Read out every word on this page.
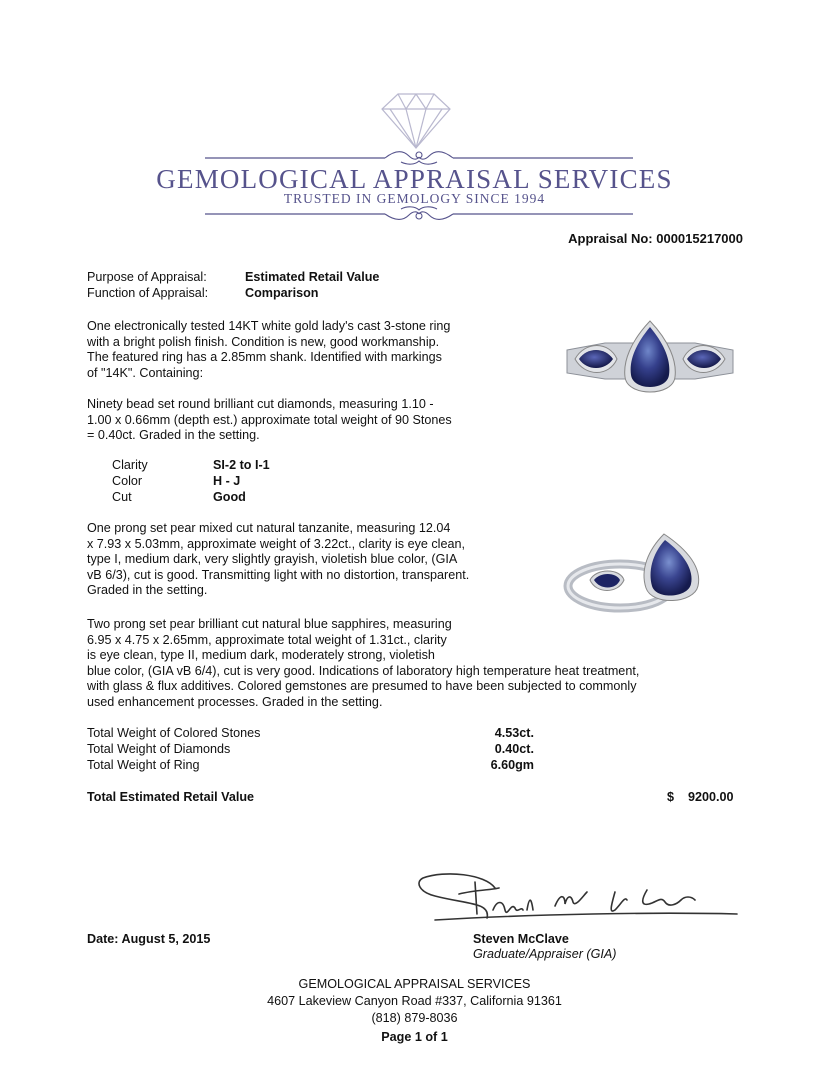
GEMOLOGICAL APPRAISAL SERVICES
TRUSTED IN GEMOLOGY SINCE 1994
Appraisal No: 000015217000
Purpose of Appraisal:	Estimated Retail Value
Function of Appraisal:	Comparison
One electronically tested 14KT white gold lady's cast 3-stone ring
with a bright polish finish. Condition is new, good workmanship.
The featured ring has a 2.85mm shank. Identified with markings
of "14K". Containing:
Ninety bead set round brilliant cut diamonds, measuring 1.10 -
1.00 x 0.66mm (depth est.) approximate total weight of 90 Stones
= 0.40ct. Graded in the setting.
Clarity	SI-2 to I-1
Color	H - J
Cut	Good
One prong set pear mixed cut natural tanzanite, measuring 12.04
x 7.93 x 5.03mm, approximate weight of 3.22ct., clarity is eye clean,
type I, medium dark, very slightly grayish, violetish blue color, (GIA
vB 6/3), cut is good. Transmitting light with no distortion, transparent.
Graded in the setting.
Two prong set pear brilliant cut natural blue sapphires, measuring
6.95 x 4.75 x 2.65mm, approximate total weight of 1.31ct., clarity
is eye clean, type II, medium dark, moderately strong, violetish
blue color, (GIA vB 6/4), cut is very good. Indications of laboratory high temperature heat treatment,
with glass & flux additives. Colored gemstones are presumed to have been subjected to commonly
used enhancement processes. Graded in the setting.
Total Weight of Colored Stones	4.53ct.
Total Weight of Diamonds	0.40ct.
Total Weight of Ring	6.60gm
Total Estimated Retail Value	$ 9200.00
Date: August 5, 2015	Steven McClave
Graduate/Appraiser (GIA)
GEMOLOGICAL APPRAISAL SERVICES
4607 Lakeview Canyon Road #337, California 91361
(818) 879-8036
Page 1 of 1
